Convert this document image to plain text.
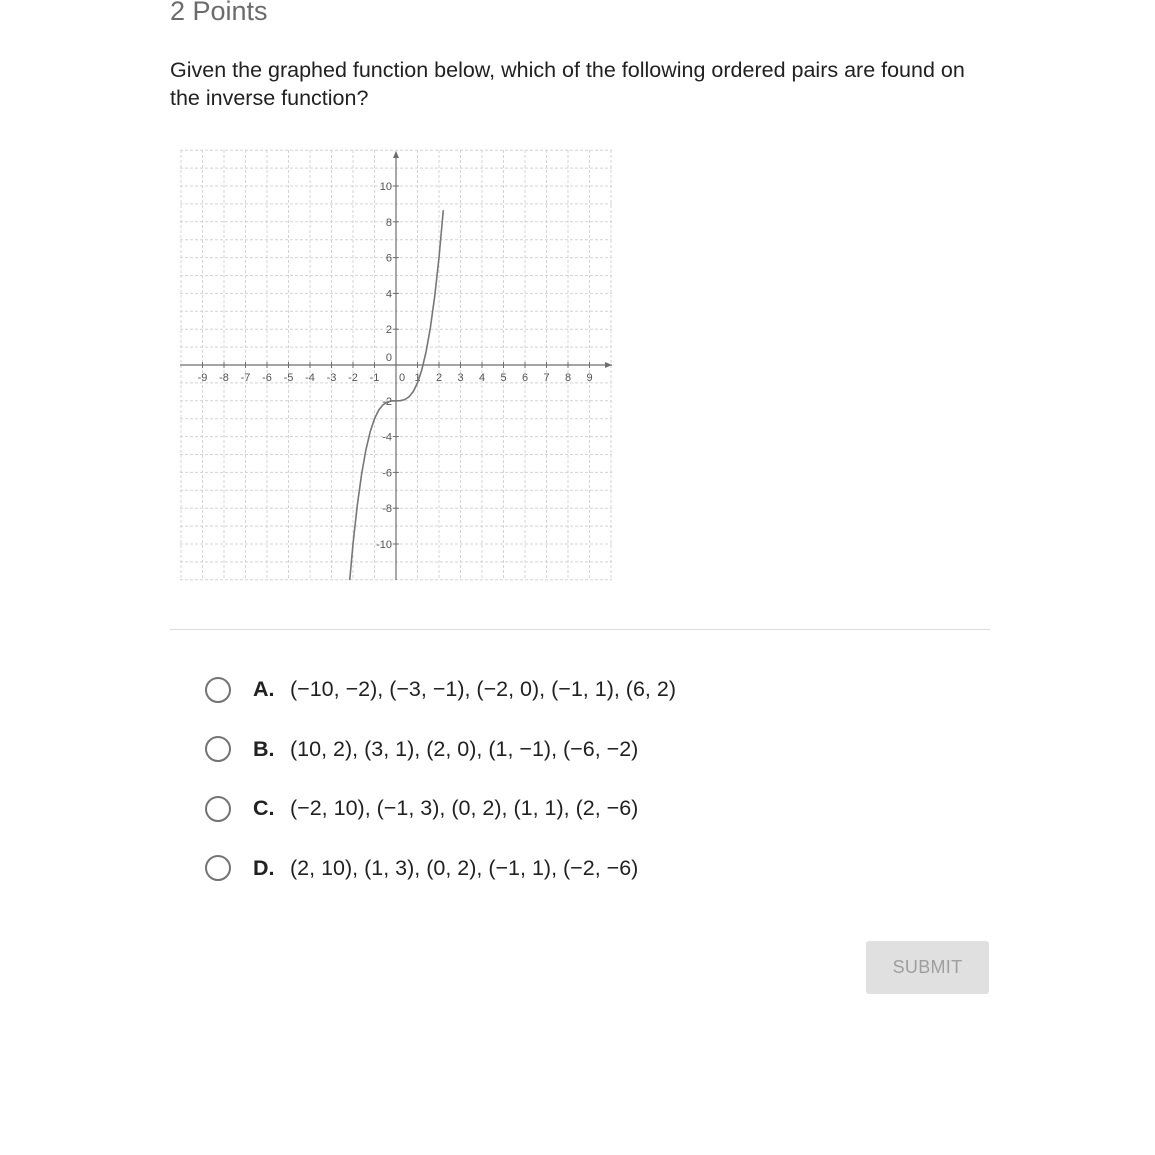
2 Points

Given the graphed function below, which of the following ordered pairs are found on the inverse function?

-9 -8 -7 -6 -5 -4 -3 -2 -1 0 1 2 3 4 5 6 7 8 9
10
8
6
4
2
0
-2
-4
-6
-8
-10
A. (−10, −2), (−3, −1), (−2, 0), (−1, 1), (6, 2)
B. (10, 2), (3, 1), (2, 0), (1, −1), (−6, −2)
C. (−2, 10), (−1, 3), (0, 2), (1, 1), (2, −6)
D. (2, 10), (1, 3), (0, 2), (−1, 1), (−2, −6)
SUBMIT
